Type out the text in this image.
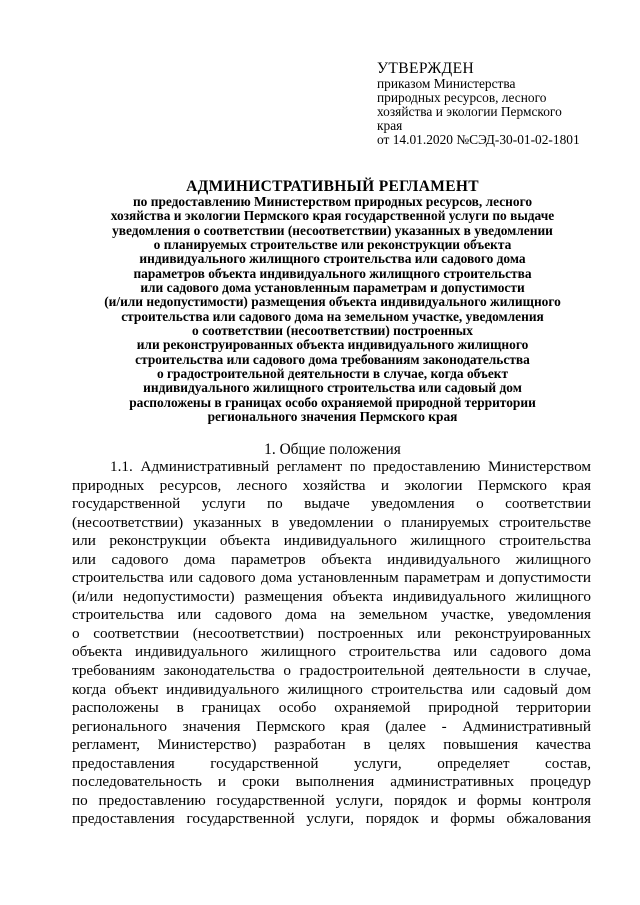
УТВЕРЖДЕН
приказом Министерства
природных ресурсов, лесного
хозяйства и экологии Пермского
края
от 14.01.2020 №СЭД-30-01-02-1801
АДМИНИСТРАТИВНЫЙ РЕГЛАМЕНТ
по предоставлению Министерством природных ресурсов, лесного
хозяйства и экологии Пермского края государственной услуги по выдаче
уведомления о соответствии (несоответствии) указанных в уведомлении
о планируемых строительстве или реконструкции объекта
индивидуального жилищного строительства или садового дома
параметров объекта индивидуального жилищного строительства
или садового дома установленным параметрам и допустимости
(и/или недопустимости) размещения объекта индивидуального жилищного
строительства или садового дома на земельном участке, уведомления
о соответствии (несоответствии) построенных
или реконструированных объекта индивидуального жилищного
строительства или садового дома требованиям законодательства
о градостроительной деятельности в случае, когда объект
индивидуального жилищного строительства или садовый дом
расположены в границах особо охраняемой природной территории
регионального значения Пермского края
1. Общие положения
1.1. Административный регламент по предоставлению Министерством
природных ресурсов, лесного хозяйства и экологии Пермского края
государственной услуги по выдаче уведомления о соответствии
(несоответствии) указанных в уведомлении о планируемых строительстве
или реконструкции объекта индивидуального жилищного строительства
или садового дома параметров объекта индивидуального жилищного
строительства или садового дома установленным параметрам и допустимости
(и/или недопустимости) размещения объекта индивидуального жилищного
строительства или садового дома на земельном участке, уведомления
о соответствии (несоответствии) построенных или реконструированных
объекта индивидуального жилищного строительства или садового дома
требованиям законодательства о градостроительной деятельности в случае,
когда объект индивидуального жилищного строительства или садовый дом
расположены в границах особо охраняемой природной территории
регионального значения Пермского края (далее - Административный
регламент, Министерство) разработан в целях повышения качества
предоставления государственной услуги, определяет состав,
последовательность и сроки выполнения административных процедур
по предоставлению государственной услуги, порядок и формы контроля
предоставления государственной услуги, порядок и формы обжалования
